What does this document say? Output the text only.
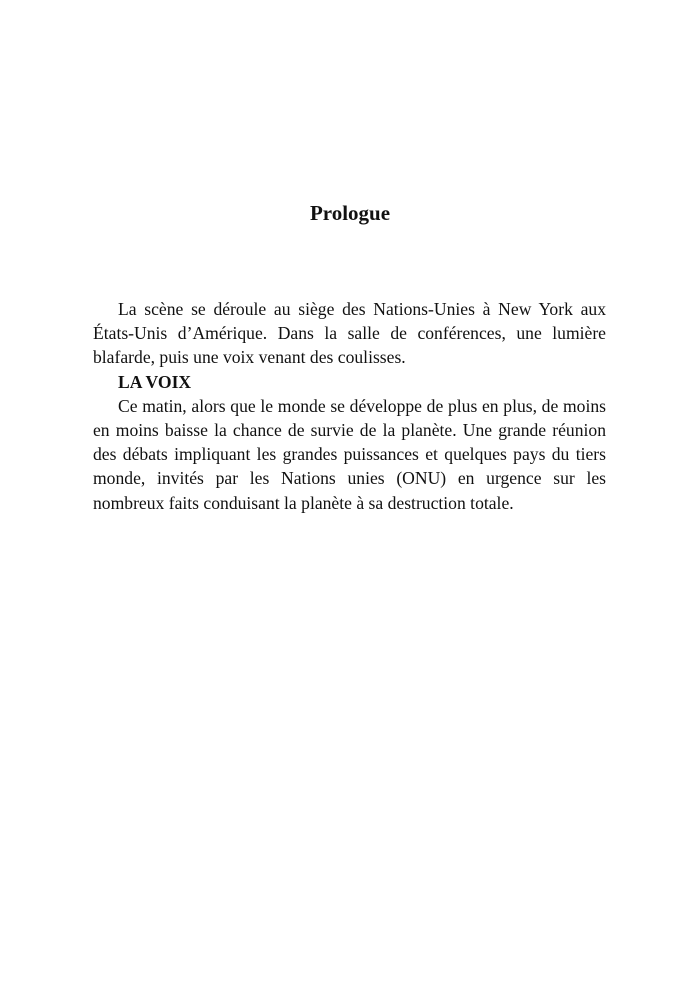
Prologue

La scène se déroule au siège des Nations-Unies à New York aux États-Unis d’Amérique. Dans la salle de conférences, une lumière blafarde, puis une voix venant des coulisses.

LA VOIX

Ce matin, alors que le monde se développe de plus en plus, de moins en moins baisse la chance de survie de la planète. Une grande réunion des débats impliquant les grandes puissances et quelques pays du tiers monde, invités par les Nations unies (ONU) en urgence sur les nombreux faits conduisant la planète à sa destruction totale.
